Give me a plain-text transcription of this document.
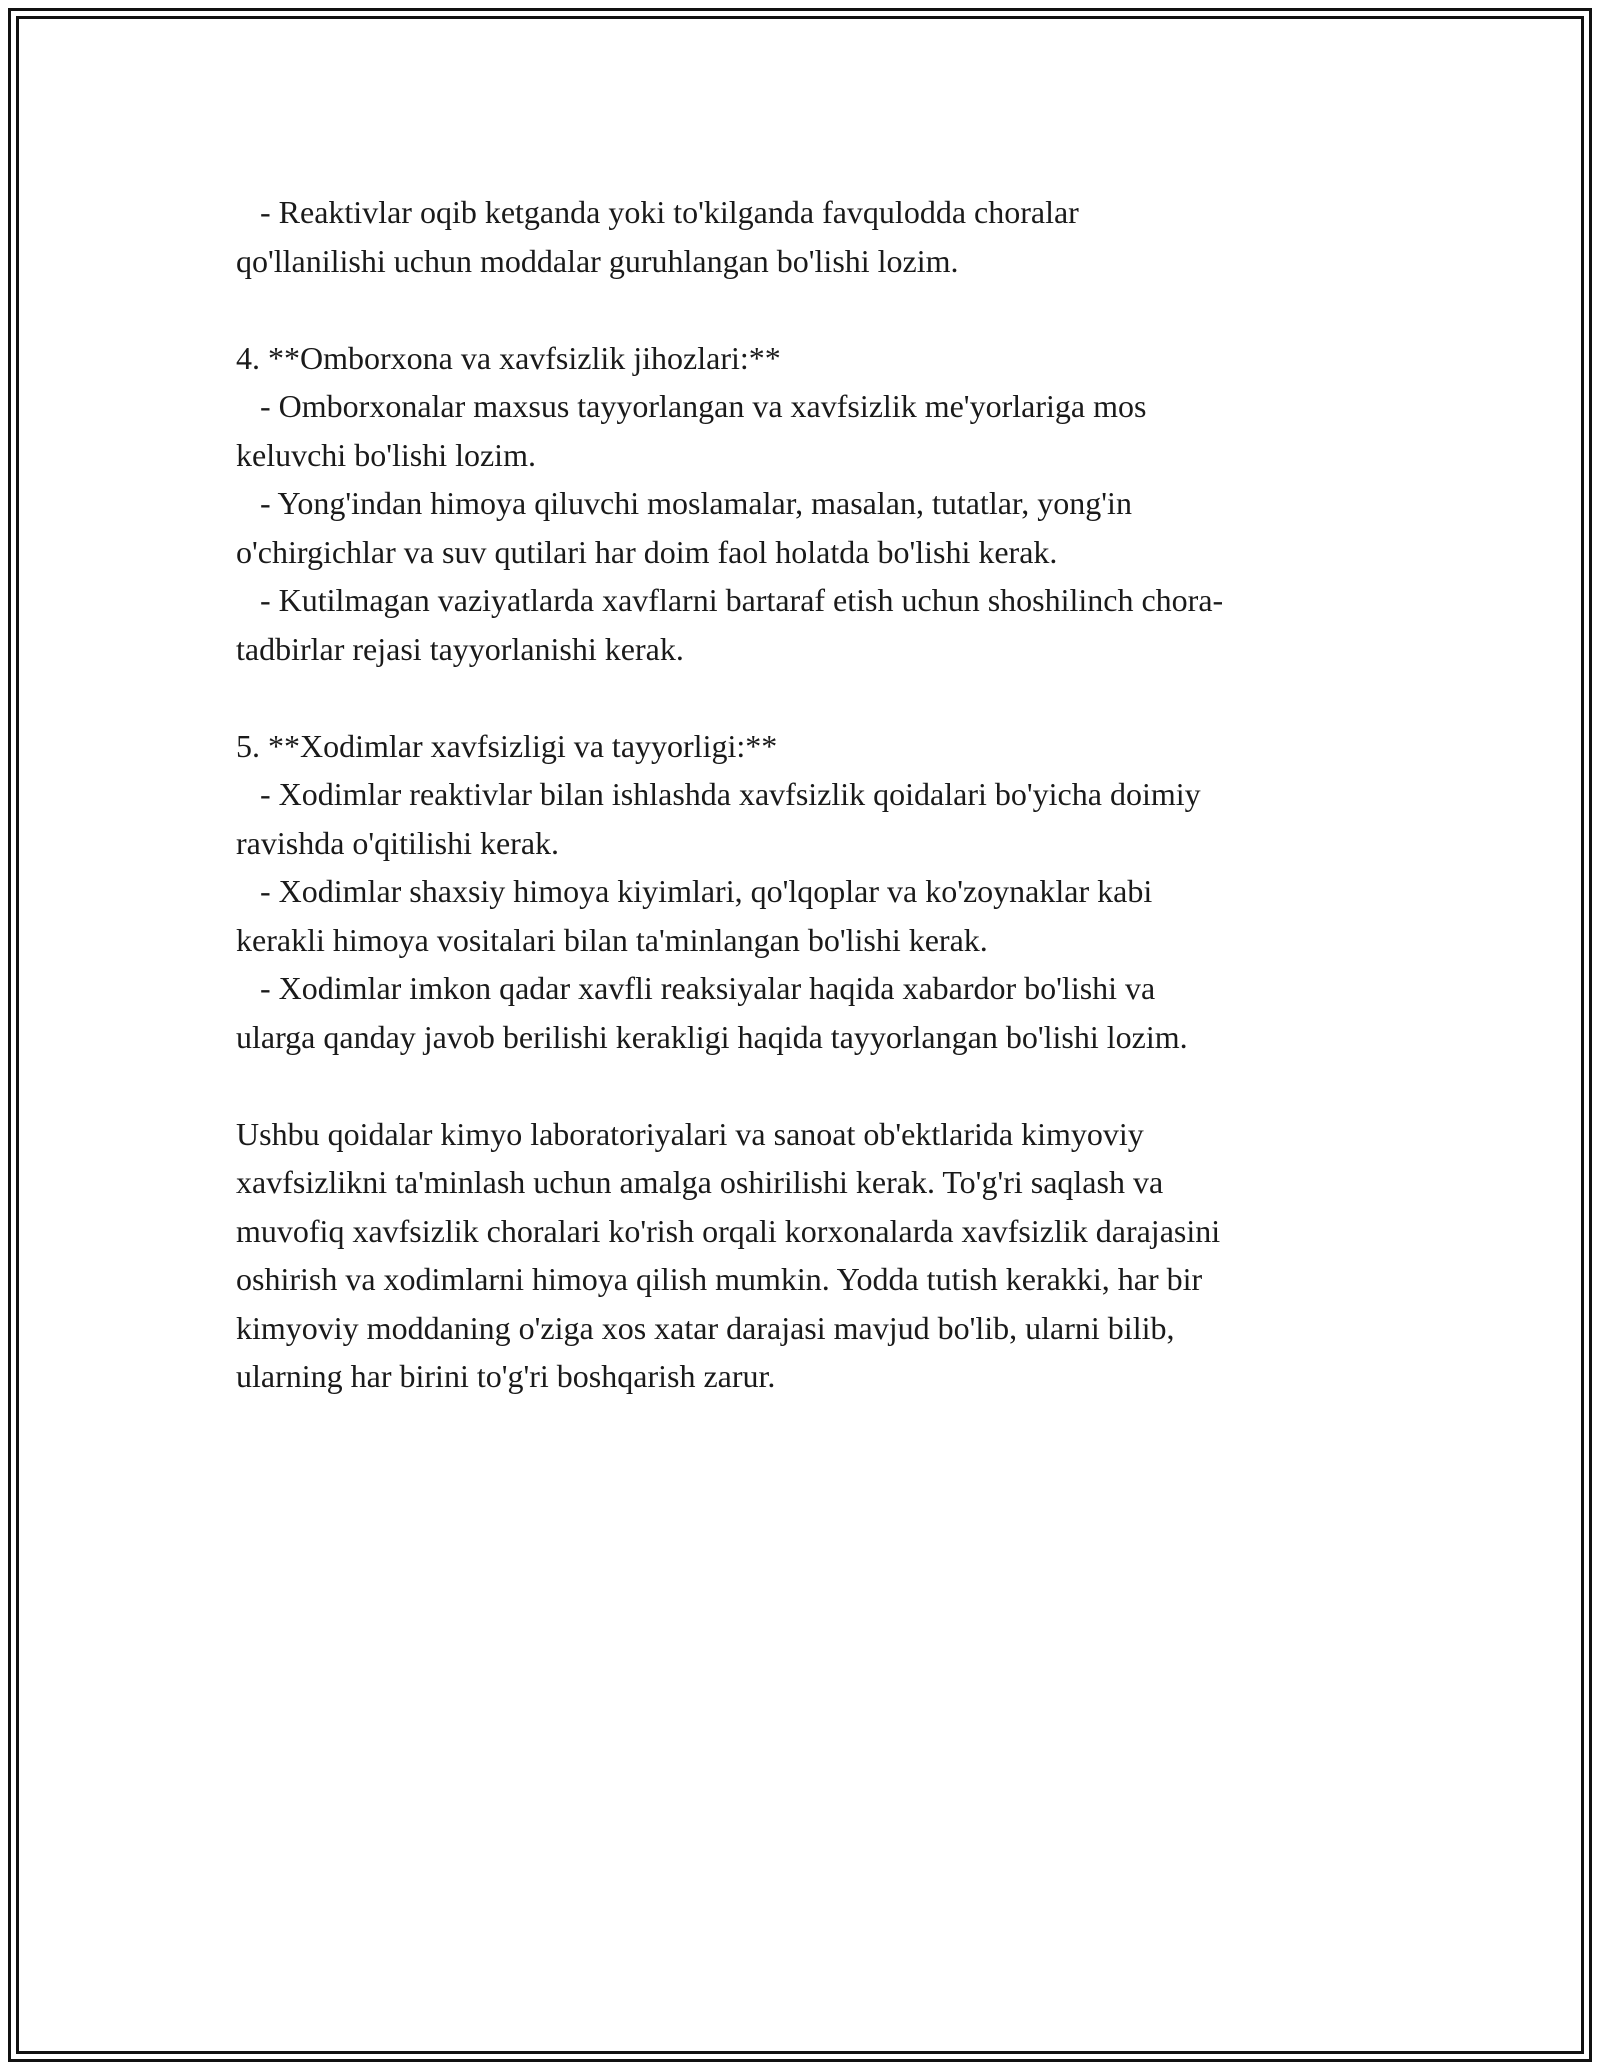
- Reaktivlar oqib ketganda yoki to'kilganda favqulodda choralar

qo'llanilishi uchun moddalar guruhlangan bo'lishi lozim.

4. **Omborxona va xavfsizlik jihozlari:**

- Omborxonalar maxsus tayyorlangan va xavfsizlik me'yorlariga mos

keluvchi bo'lishi lozim.

- Yong'indan himoya qiluvchi moslamalar, masalan, tutatlar, yong'in

o'chirgichlar va suv qutilari har doim faol holatda bo'lishi kerak.

- Kutilmagan vaziyatlarda xavflarni bartaraf etish uchun shoshilinch chora-

tadbirlar rejasi tayyorlanishi kerak.

5. **Xodimlar xavfsizligi va tayyorligi:**

- Xodimlar reaktivlar bilan ishlashda xavfsizlik qoidalari bo'yicha doimiy

ravishda o'qitilishi kerak.

- Xodimlar shaxsiy himoya kiyimlari, qo'lqoplar va ko'zoynaklar kabi

kerakli himoya vositalari bilan ta'minlangan bo'lishi kerak.

- Xodimlar imkon qadar xavfli reaksiyalar haqida xabardor bo'lishi va

ularga qanday javob berilishi kerakligi haqida tayyorlangan bo'lishi lozim.

Ushbu qoidalar kimyo laboratoriyalari va sanoat ob'ektlarida kimyoviy

xavfsizlikni ta'minlash uchun amalga oshirilishi kerak. To'g'ri saqlash va

muvofiq xavfsizlik choralari ko'rish orqali korxonalarda xavfsizlik darajasini

oshirish va xodimlarni himoya qilish mumkin. Yodda tutish kerakki, har bir

kimyoviy moddaning o'ziga xos xatar darajasi mavjud bo'lib, ularni bilib,

ularning har birini to'g'ri boshqarish zarur.
